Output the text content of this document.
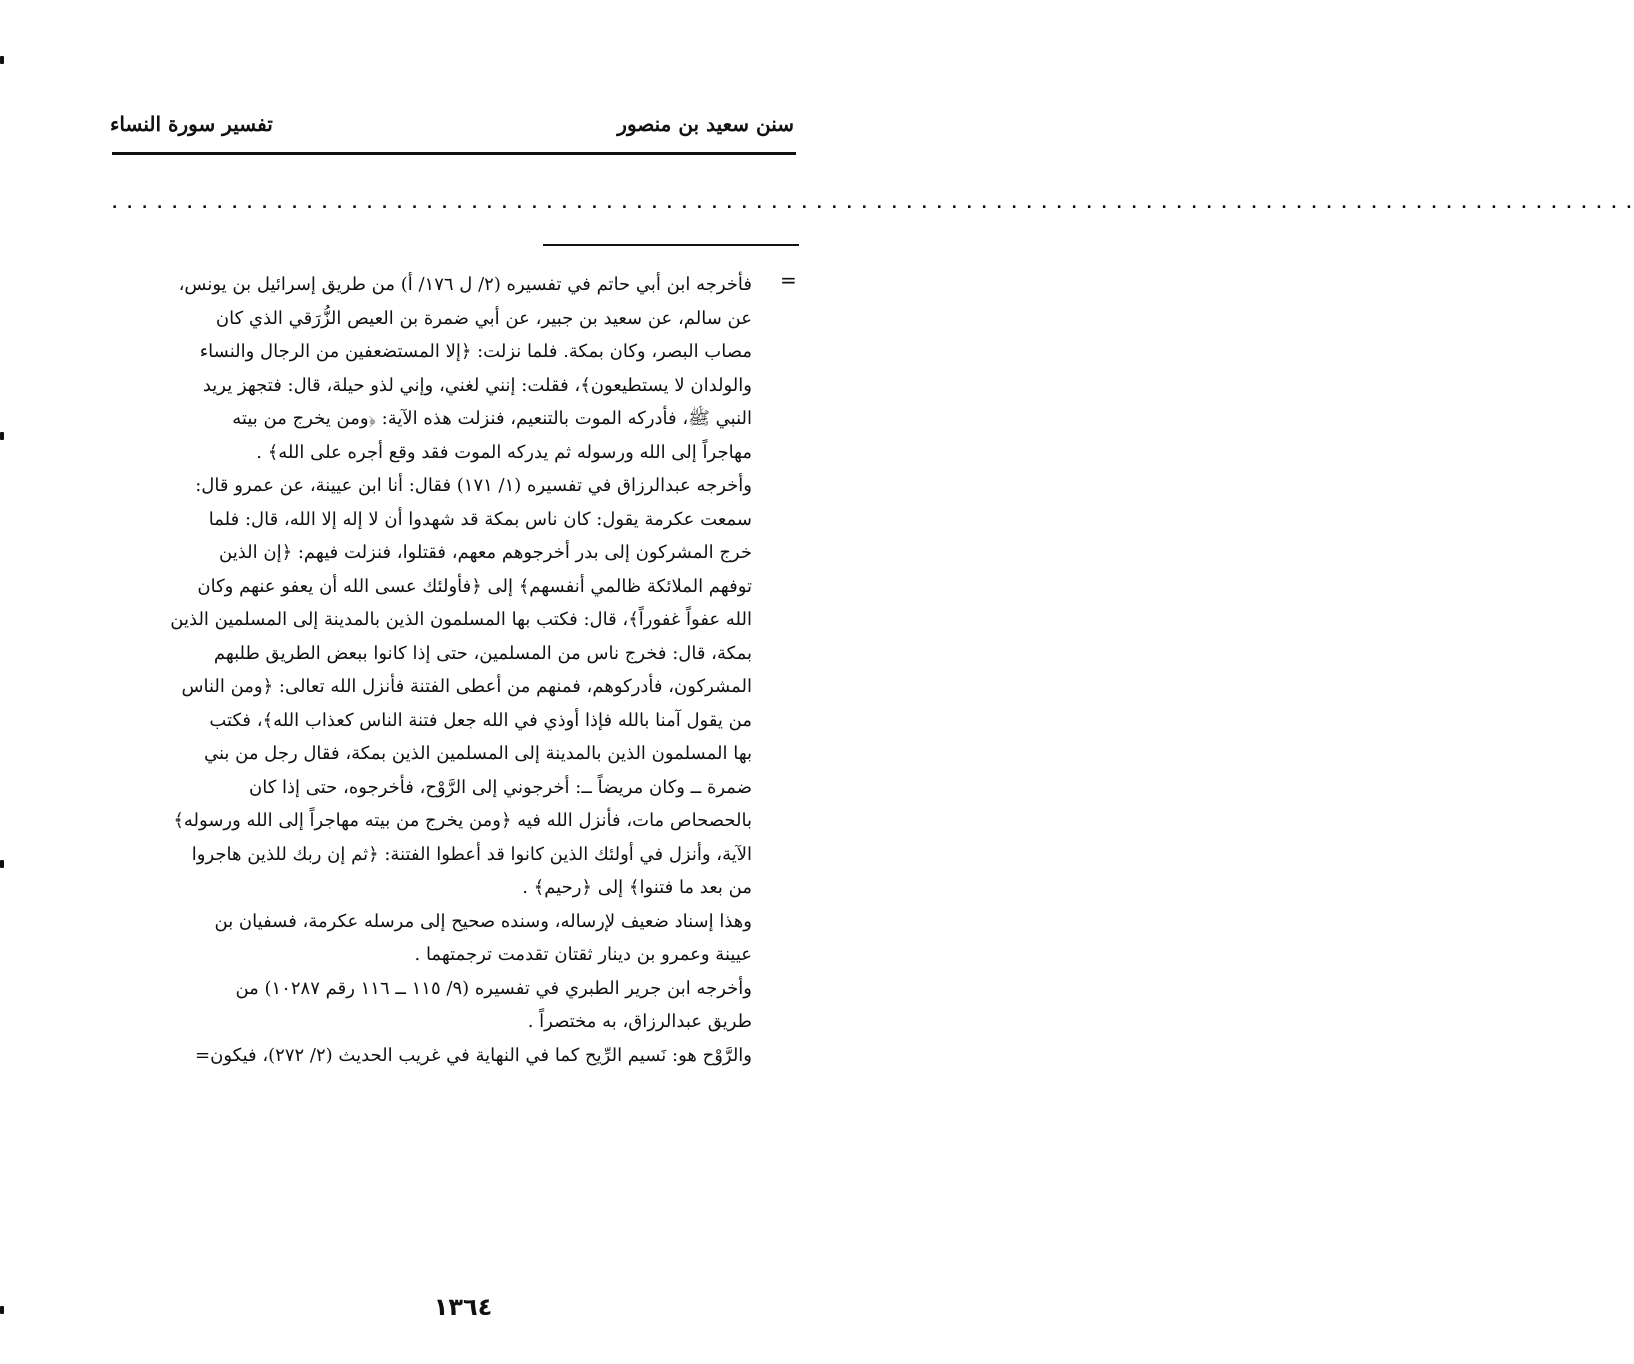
سنن سعيد بن منصور
تفسير سورة النساء
. . . . . . . . . . . . . . . . . . . . . . . . . . . . . . . . . . . . . . . . . . . . . . . . . . . . . . . . . . . . . . . . . . . . . . . . . . . . . . . . . . . . . . . . . . . . . . . . . . . . . .
=
فأخرجه ابن أبي حاتم في تفسيره (٢/ ل ١٧٦/ أ) من طريق إسرائيل بن يونس،
عن سالم، عن سعيد بن جبير، عن أبي ضمرة بن العيص الزُّرَقي الذي كان
مصاب البصر، وكان بمكة. فلما نزلت: ﴿إلا المستضعفين من الرجال والنساء
والولدان لا يستطيعون﴾، فقلت: إنني لغني، وإني لذو حيلة، قال: فتجهز يريد
النبي ﷺ، فأدركه الموت بالتنعيم، فنزلت هذه الآية: ﴿ومن يخرج من بيته
مهاجراً إلى الله ورسوله ثم يدركه الموت فقد وقع أجره على الله﴾ .
وأخرجه عبدالرزاق في تفسيره (١/ ١٧١) فقال: أنا ابن عيينة، عن عمرو قال:
سمعت عكرمة يقول: كان ناس بمكة قد شهدوا أن لا إله إلا الله، قال: فلما
خرج المشركون إلى بدر أخرجوهم معهم، فقتلوا، فنزلت فيهم: ﴿إن الذين
توفهم الملائكة ظالمي أنفسهم﴾ إلى ﴿فأولئك عسى الله أن يعفو عنهم وكان
الله عفواً غفوراً﴾، قال: فكتب بها المسلمون الذين بالمدينة إلى المسلمين الذين
بمكة، قال: فخرج ناس من المسلمين، حتى إذا كانوا ببعض الطريق طلبهم
المشركون، فأدركوهم، فمنهم من أعطى الفتنة فأنزل الله تعالى: ﴿ومن الناس
من يقول آمنا بالله فإذا أوذي في الله جعل فتنة الناس كعذاب الله﴾، فكتب
بها المسلمون الذين بالمدينة إلى المسلمين الذين بمكة، فقال رجل من بني
ضمرة ــ وكان مريضاً ــ: أخرجوني إلى الرَّوْح، فأخرجوه، حتى إذا كان
بالحصحاص مات، فأنزل الله فيه ﴿ومن يخرج من بيته مهاجراً إلى الله ورسوله﴾
الآية، وأنزل في أولئك الذين كانوا قد أعطوا الفتنة: ﴿ثم إن ربك للذين هاجروا
من بعد ما فتنوا﴾ إلى ﴿رحيم﴾ .
وهذا إسناد ضعيف لإرساله، وسنده صحيح إلى مرسله عكرمة، فسفيان بن
عيينة وعمرو بن دينار ثقتان تقدمت ترجمتهما .
وأخرجه ابن جرير الطبري في تفسيره (٩/ ١١٥ ــ ١١٦ رقم ١٠٢٨٧) من
طريق عبدالرزاق، به مختصراً .
والرَّوْح هو: نَسيم الرِّيح كما في النهاية في غريب الحديث (٢/ ٢٧٢)، فيكون=
١٣٦٤
